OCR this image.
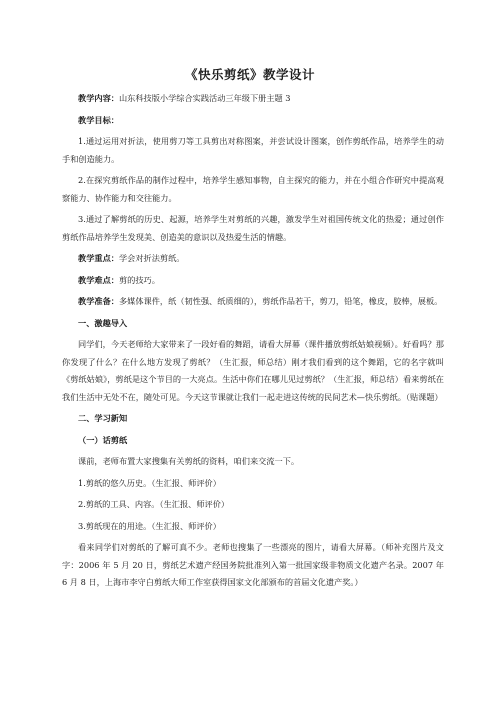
《快乐剪纸》教学设计

教学内容：山东科技版小学综合实践活动三年级下册主题 3

教学目标：

1.通过运用对折法，使用剪刀等工具剪出对称图案，并尝试设计图案，创作剪纸作品，培养学生的动手和创造能力。

2.在探究剪纸作品的制作过程中，培养学生感知事物，自主探究的能力，并在小组合作研究中提高观察能力、协作能力和交往能力。

3.通过了解剪纸的历史、起源，培养学生对剪纸的兴趣，激发学生对祖国传统文化的热爱；通过创作剪纸作品培养学生发现美、创造美的意识以及热爱生活的情趣。

教学重点：学会对折法剪纸。

教学难点：剪的技巧。

教学准备：多媒体课件，纸（韧性强、纸质细的），剪纸作品若干，剪刀，铅笔，橡皮，胶棒，展板。

一、激趣导入

同学们，今天老师给大家带来了一段好看的舞蹈，请看大屏幕（课件播放剪纸姑娘视频）。好看吗？那你发现了什么？在什么地方发现了剪纸？（生汇报，师总结）刚才我们看到的这个舞蹈，它的名字就叫《剪纸姑娘》，剪纸是这个节目的一大亮点。生活中你们在哪儿见过剪纸？（生汇报，师总结）看来剪纸在我们生活中无处不在，随处可见。今天这节课就让我们一起走进这传统的民间艺术—快乐剪纸。（贴课题）

二、学习新知

（一）话剪纸

课前，老师布置大家搜集有关剪纸的资料，咱们来交流一下。

1.剪纸的悠久历史。（生汇报、师评价）

2.剪纸的工具、内容。（生汇报、师评价）

3.剪纸现在的用途。（生汇报、师评价）

看来同学们对剪纸的了解可真不少。老师也搜集了一些漂亮的图片，请看大屏幕。（师补充图片及文字：2006 年 5 月 20 日，剪纸艺术遗产经国务院批准列入第一批国家级非物质文化遗产名录。2007 年 6 月 8 日，上海市李守白剪纸大师工作室获得国家文化部颁布的首届文化遗产奖。）
